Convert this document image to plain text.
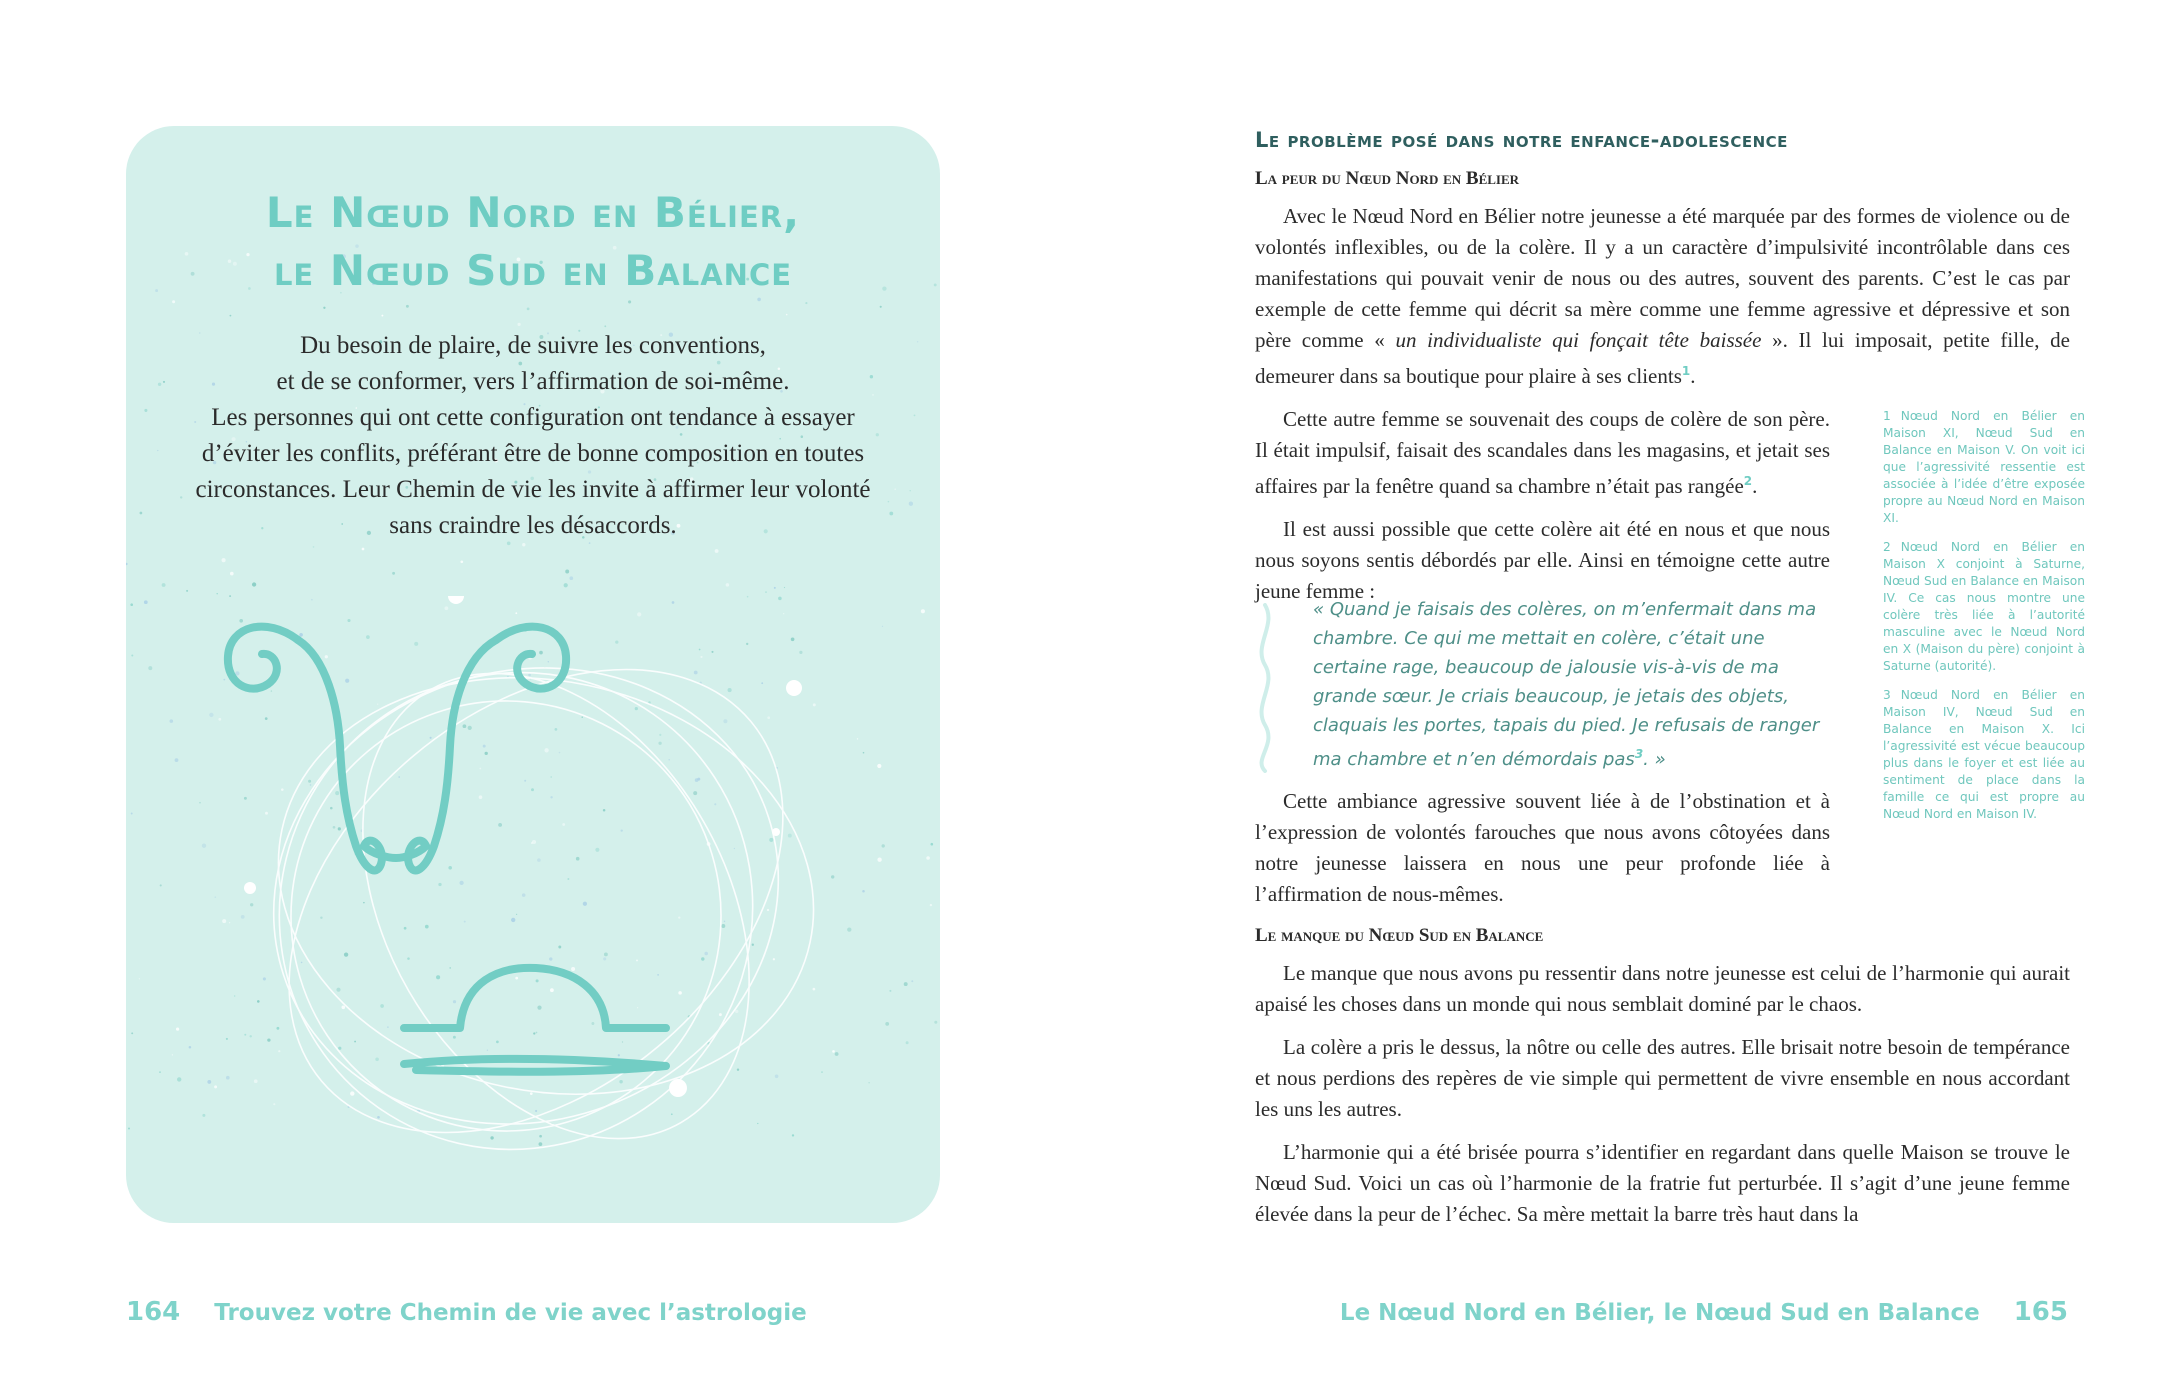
Le Nœud Nord en Bélier,
le Nœud Sud en Balance
Du besoin de plaire, de suivre les conventions,
et de se conformer, vers l’affirmation de soi-même.
Les personnes qui ont cette configuration ont tendance à essayer
d’éviter les conflits, préférant être de bonne composition en toutes
circonstances. Leur Chemin de vie les invite à affirmer leur volonté
sans craindre les désaccords.
164 Trouvez votre Chemin de vie avec l’astrologie
Le problème posé dans notre enfance-adolescence
La peur du Nœud Nord en Bélier

Avec le Nœud Nord en Bélier notre jeunesse a été marquée par des formes de violence ou de volontés inflexibles, ou de la colère. Il y a un caractère d’impulsivité incontrôlable dans ces manifestations qui pouvait venir de nous ou des autres, souvent des parents. C’est le cas par exemple de cette femme qui décrit sa mère comme une femme agressive et dépressive et son père comme « un individualiste qui fonçait tête baissée ». Il lui imposait, petite fille, de demeurer dans sa boutique pour plaire à ses clients$^1$.

Cette autre femme se souvenait des coups de colère de son père. Il était impulsif, faisait des scandales dans les magasins, et jetait ses affaires par la fenêtre quand sa chambre n’était pas rangée$^2$.

Il est aussi possible que cette colère ait été en nous et que nous nous soyons sentis débordés par elle. Ainsi en témoigne cette autre jeune femme :

« Quand je faisais des colères, on m’enfermait dans ma chambre. Ce qui me mettait en colère, c’était une certaine rage, beaucoup de jalousie vis-à-vis de ma grande sœur. Je criais beaucoup, je jetais des objets, claquais les portes, tapais du pied. Je refusais de ranger ma chambre et n’en démordais pas$^3$. »

Cette ambiance agressive souvent liée à de l’obstination et à l’expression de volontés farouches que nous avons côtoyées dans notre jeunesse laissera en nous une peur profonde liée à l’affirmation de nous-mêmes.

Le manque du Nœud Sud en Balance

Le manque que nous avons pu ressentir dans notre jeunesse est celui de l’harmonie qui aurait apaisé les choses dans un monde qui nous semblait dominé par le chaos.

La colère a pris le dessus, la nôtre ou celle des autres. Elle brisait notre besoin de tempérance et nous perdions des repères de vie simple qui permettent de vivre ensemble en nous accordant les uns les autres.

L’harmonie qui a été brisée pourra s’identifier en regardant dans quelle Maison se trouve le Nœud Sud. Voici un cas où l’harmonie de la fratrie fut perturbée. Il s’agit d’une jeune femme élevée dans la peur de l’échec. Sa mère mettait la barre très haut dans la

1 Nœud Nord en Bélier en Maison XI, Nœud Sud en Balance en Maison V. On voit ici que l’agressivité ressentie est associée à l’idée d’être exposée propre au Nœud Nord en Maison XI.

2 Nœud Nord en Bélier en Maison X conjoint à Saturne, Nœud Sud en Balance en Maison IV. Ce cas nous montre une colère très liée à l’autorité masculine avec le Nœud Nord en X (Maison du père) conjoint à Saturne (autorité).

3 Nœud Nord en Bélier en Maison IV, Nœud Sud en Balance en Maison X. Ici l’agressivité est vécue beaucoup plus dans le foyer et est liée au sentiment de place dans la famille ce qui est propre au Nœud Nord en Maison IV.

Le Nœud Nord en Bélier, le Nœud Sud en Balance 165
